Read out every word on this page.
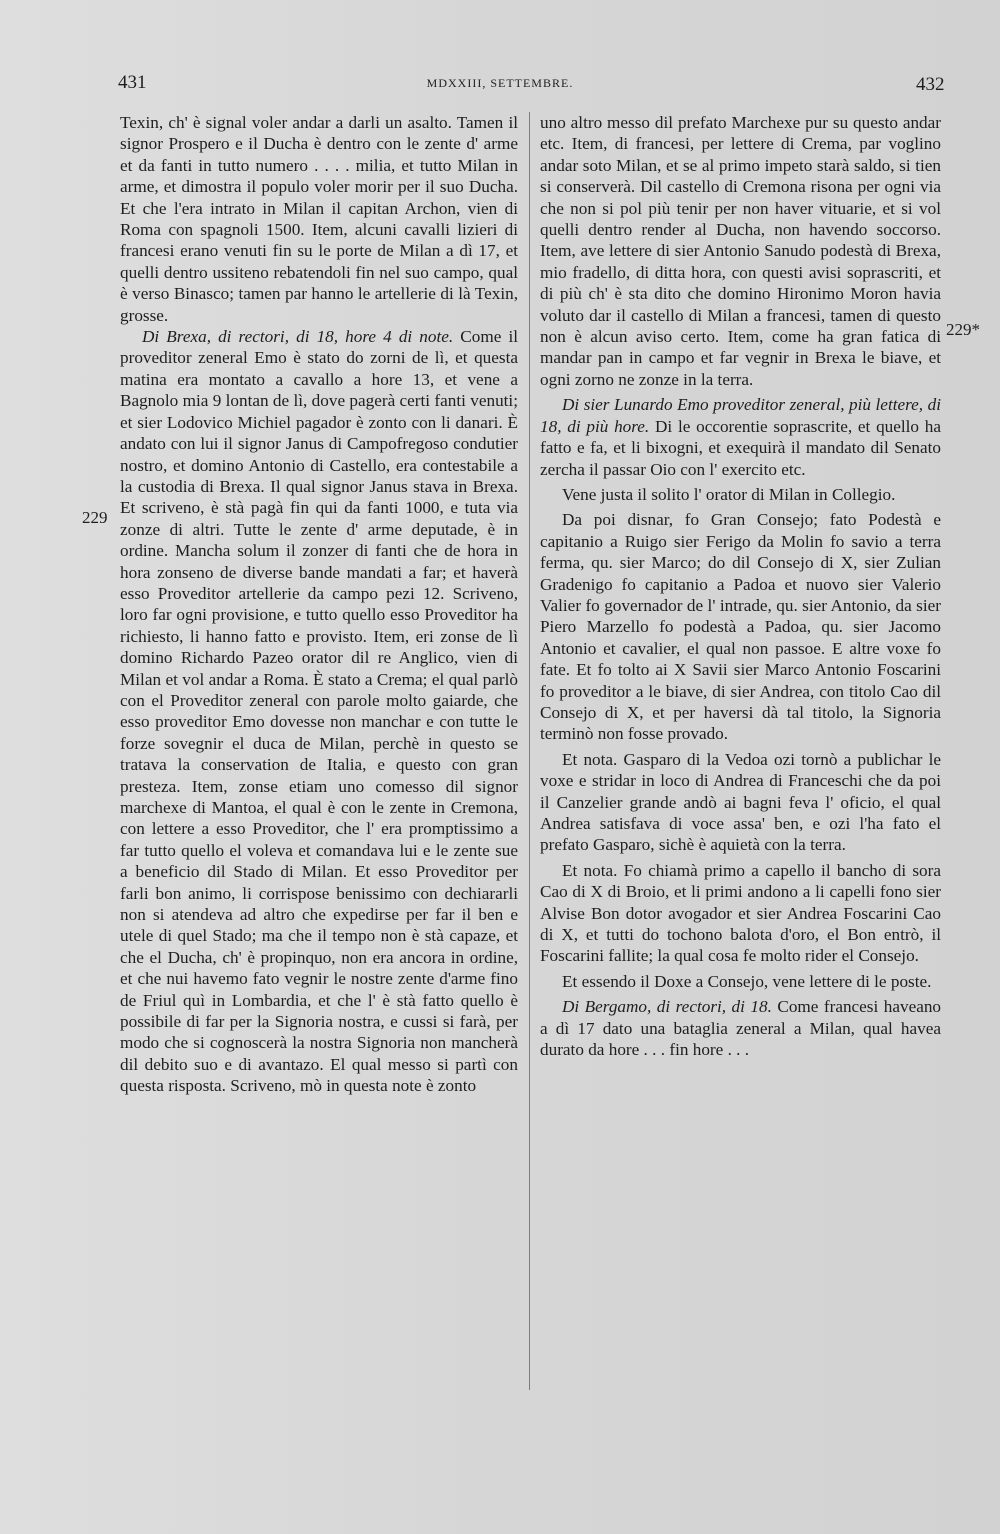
431	MDXXIII, SETTEMBRE.	432
229
229*

Texin, ch' è signal voler andar a darli un asalto. Tamen il signor Prospero e il Ducha è dentro con le zente d' arme et da fanti in tutto numero . . . . milia, et tutto Milan in arme, et dimostra il populo voler morir per il suo Ducha. Et che l'era intrato in Milan il capitan Archon, vien di Roma con spagnoli 1500. Item, alcuni cavalli lizieri di francesi erano venuti fin su le porte de Milan a dì 17, et quelli dentro ussiteno rebatendoli fin nel suo campo, qual è verso Binasco; tamen par hanno le artellerie di là Texin, grosse.

Di Brexa, di rectori, di 18, hore 4 di note. Come il proveditor zeneral Emo è stato do zorni de lì, et questa matina era montato a cavallo a hore 13, et vene a Bagnolo mia 9 lontan de lì, dove pagerà certi fanti venuti; et sier Lodovico Michiel pagador è zonto con li danari. È andato con lui il signor Janus di Campofregoso condutier nostro, et domino Antonio di Castello, era contestabile a la custodia di Brexa. Il qual signor Janus stava in Brexa. Et scriveno, è stà pagà fin qui da fanti 1000, e tuta via zonze di altri. Tutte le zente d' arme deputade, è in ordine. Mancha solum il zonzer di fanti che de hora in hora zonseno de diverse bande mandati a far; et haverà esso Proveditor artellerie da campo pezi 12. Scriveno, loro far ogni provisione, e tutto quello esso Proveditor ha richiesto, li hanno fatto e provisto. Item, eri zonse de lì domino Richardo Pazeo orator dil re Anglico, vien di Milan et vol andar a Roma. È stato a Crema; el qual parlò con el Proveditor zeneral con parole molto gaiarde, che esso proveditor Emo dovesse non manchar e con tutte le forze sovegnir el duca de Milan, perchè in questo se tratava la conservation de Italia, e questo con gran presteza. Item, zonse etiam uno comesso dil signor marchexe di Mantoa, el qual è con le zente in Cremona, con lettere a esso Proveditor, che l' era promptissimo a far tutto quello el voleva et comandava lui e le zente sue a beneficio dil Stado di Milan. Et esso Proveditor per farli bon animo, li corrispose benissimo con dechiararli non si atendeva ad altro che expedirse per far il ben e utele di quel Stado; ma che il tempo non è stà capaze, et che el Ducha, ch' è propinquo, non era ancora in ordine, et che nui havemo fato vegnir le nostre zente d'arme fino de Friul quì in Lombardia, et che l' è stà fatto quello è possibile di far per la Signoria nostra, e cussi si farà, per modo che si cognoscerà la nostra Signoria non mancherà dil debito suo e di avantazo. El qual messo si partì con questa risposta. Scriveno, mò in questa note è zonto

uno altro messo dil prefato Marchexe pur su questo andar etc. Item, di francesi, per lettere di Crema, par voglino andar soto Milan, et se al primo impeto starà saldo, si tien si conserverà. Dil castello di Cremona risona per ogni via che non si pol più tenir per non haver vituarie, et si vol quelli dentro render al Ducha, non havendo soccorso. Item, ave lettere di sier Antonio Sanudo podestà di Brexa, mio fradello, di ditta hora, con questi avisi soprascriti, et di più ch' è sta dito che domino Hironimo Moron havia voluto dar il castello di Milan a francesi, tamen di questo non è alcun aviso certo. Item, come ha gran fatica di mandar pan in campo et far vegnir in Brexa le biave, et ogni zorno ne zonze in la terra.

Di sier Lunardo Emo proveditor zeneral, più lettere, di 18, di più hore. Di le occorentie soprascrite, et quello ha fatto e fa, et li bixogni, et exequirà il mandato dil Senato zercha il passar Oio con l' exercito etc.

Vene justa il solito l' orator di Milan in Collegio.

Da poi disnar, fo Gran Consejo; fato Podestà e capitanio a Ruigo sier Ferigo da Molin fo savio a terra ferma, qu. sier Marco; do dil Consejo di X, sier Zulian Gradenigo fo capitanio a Padoa et nuovo sier Valerio Valier fo governador de l' intrade, qu. sier Antonio, da sier Piero Marzello fo podestà a Padoa, qu. sier Jacomo Antonio et cavalier, el qual non passoe. E altre voxe fo fate. Et fo tolto ai X Savii sier Marco Antonio Foscarini fo proveditor a le biave, di sier Andrea, con titolo Cao dil Consejo di X, et per haversi dà tal titolo, la Signoria terminò non fosse provado.

Et nota. Gasparo di la Vedoa ozi tornò a publichar le voxe e stridar in loco di Andrea di Franceschi che da poi il Canzelier grande andò ai bagni feva l' oficio, el qual Andrea satisfava di voce assa' ben, e ozi l'ha fato el prefato Gasparo, sichè è aquietà con la terra.

Et nota. Fo chiamà primo a capello il bancho di sora Cao di X di Broio, et li primi andono a li capelli fono sier Alvise Bon dotor avogador et sier Andrea Foscarini Cao di X, et tutti do tochono balota d'oro, el Bon entrò, il Foscarini fallite; la qual cosa fe molto rider el Consejo.

Et essendo il Doxe a Consejo, vene lettere di le poste.

Di Bergamo, di rectori, di 18. Come francesi haveano a dì 17 dato una bataglia zeneral a Milan, qual havea durato da hore . . . fin hore . . .
